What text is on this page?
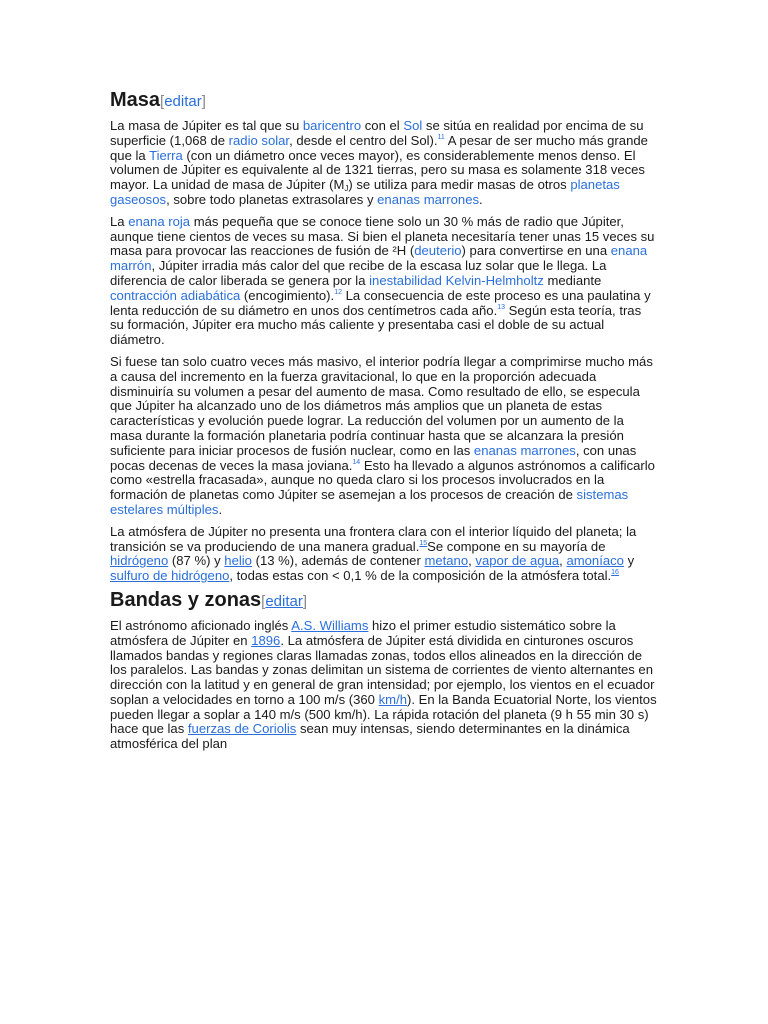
Masa[editar]

La masa de Júpiter es tal que su baricentro con el Sol se sitúa en realidad por encima de su superficie (1,068 de radio solar, desde el centro del Sol).$^{11}$ A pesar de ser mucho más grande que la Tierra (con un diámetro once veces mayor), es considerablemente menos denso. El volumen de Júpiter es equivalente al de 1321 tierras, pero su masa es solamente 318 veces mayor. La unidad de masa de Júpiter $(M_J)$ se utiliza para medir masas de otros planetas gaseosos, sobre todo planetas extrasolares y enanas marrones.

La enana roja más pequeña que se conoce tiene solo un 30 % más de radio que Júpiter, aunque tiene cientos de veces su masa. Si bien el planeta necesitaría tener unas 15 veces su masa para provocar las reacciones de fusión de ²H (deuterio) para convertirse en una enana marrón, Júpiter irradia más calor del que recibe de la escasa luz solar que le llega. La diferencia de calor liberada se genera por la inestabilidad Kelvin-Helmholtz mediante contracción adiabática (encogimiento).$^{12}$ La consecuencia de este proceso es una paulatina y lenta reducción de su diámetro en unos dos centímetros cada año.$^{13}$ Según esta teoría, tras su formación, Júpiter era mucho más caliente y presentaba casi el doble de su actual diámetro.

Si fuese tan solo cuatro veces más masivo, el interior podría llegar a comprimirse mucho más a causa del incremento en la fuerza gravitacional, lo que en la proporción adecuada disminuiría su volumen a pesar del aumento de masa. Como resultado de ello, se especula que Júpiter ha alcanzado uno de los diámetros más amplios que un planeta de estas características y evolución puede lograr. La reducción del volumen por un aumento de la masa durante la formación planetaria podría continuar hasta que se alcanzara la presión suficiente para iniciar procesos de fusión nuclear, como en las enanas marrones, con unas pocas decenas de veces la masa joviana.$^{14}$ Esto ha llevado a algunos astrónomos a calificarlo como «estrella fracasada», aunque no queda claro si los procesos involucrados en la formación de planetas como Júpiter se asemejan a los procesos de creación de sistemas estelares múltiples.

La atmósfera de Júpiter no presenta una frontera clara con el interior líquido del planeta; la transición se va produciendo de una manera gradual.$^{15}$Se compone en su mayoría de hidrógeno (87 %) y helio (13 %), además de contener metano, vapor de agua, amoníaco y sulfuro de hidrógeno, todas estas con < 0,1 % de la composición de la atmósfera total.$^{16}$

Bandas y zonas[editar]

El astrónomo aficionado inglés A.S. Williams hizo el primer estudio sistemático sobre la atmósfera de Júpiter en 1896. La atmósfera de Júpiter está dividida en cinturones oscuros llamados bandas y regiones claras llamadas zonas, todos ellos alineados en la dirección de los paralelos. Las bandas y zonas delimitan un sistema de corrientes de viento alternantes en dirección con la latitud y en general de gran intensidad; por ejemplo, los vientos en el ecuador soplan a velocidades en torno a 100 m/s (360 km/h). En la Banda Ecuatorial Norte, los vientos pueden llegar a soplar a 140 m/s (500 km/h). La rápida rotación del planeta (9 h 55 min 30 s) hace que las fuerzas de Coriolis sean muy intensas, siendo determinantes en la dinámica atmosférica del plan
